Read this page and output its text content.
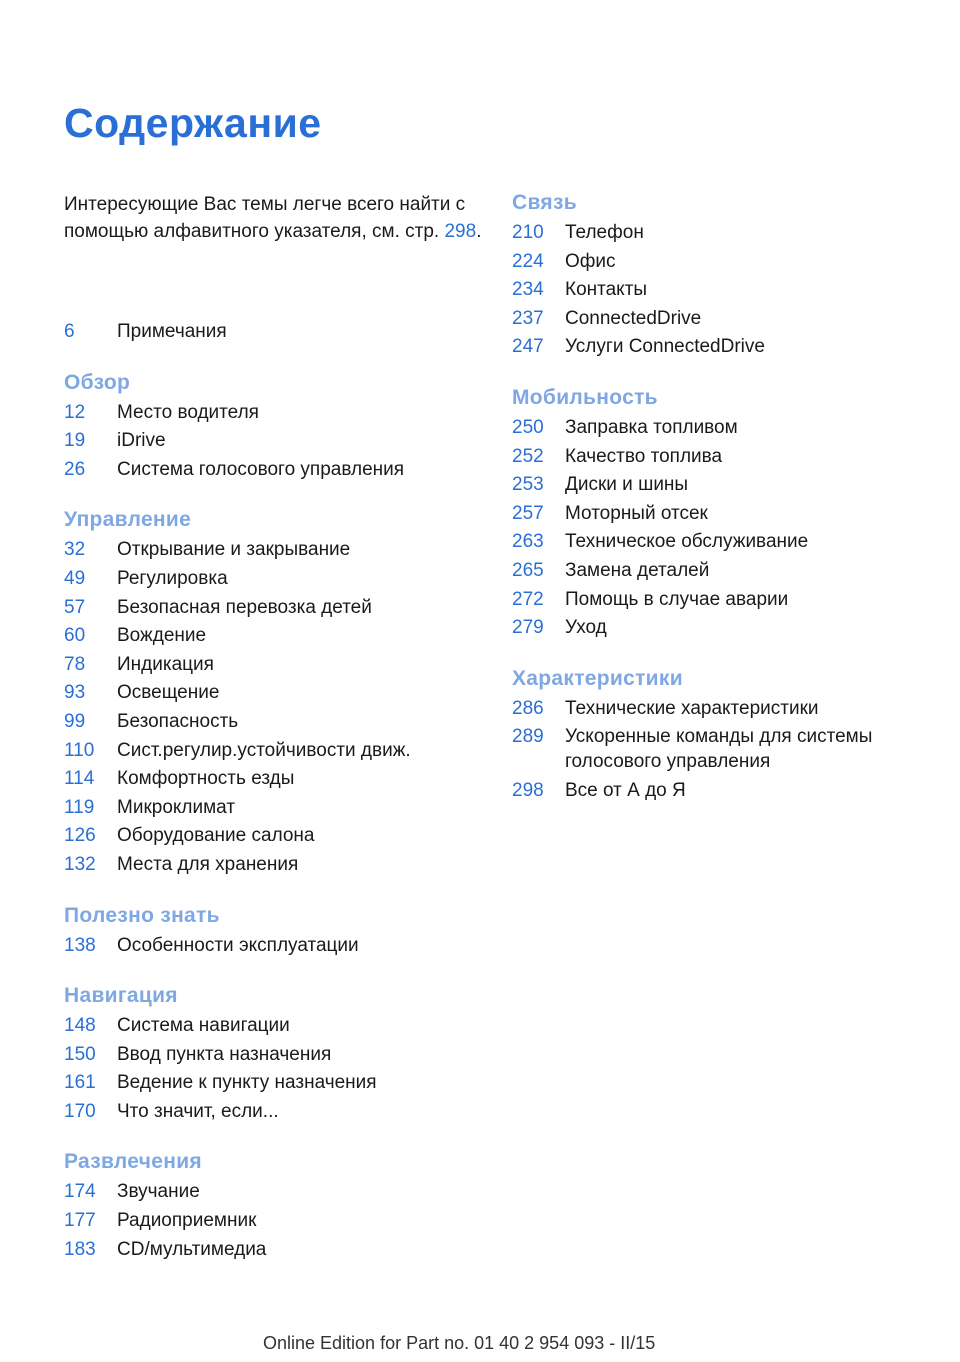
Содержание
Интересующие Вас темы легче всего найти с помощью алфавитного указателя, см. стр. 298.
6	Примечания
Обзор
12	Место водителя
19	iDrive
26	Система голосового управления
Управление
32	Открывание и закрывание
49	Регулировка
57	Безопасная перевозка детей
60	Вождение
78	Индикация
93	Освещение
99	Безопасность
110	Сист.регулир.устойчивости движ.
114	Комфортность езды
119	Микроклимат
126	Оборудование салона
132	Места для хранения
Полезно знать
138	Особенности эксплуатации
Навигация
148	Система навигации
150	Ввод пункта назначения
161	Ведение к пункту назначения
170	Что значит, если...
Развлечения
174	Звучание
177	Радиоприемник
183	CD/мультимедиа
Связь
210	Телефон
224	Офис
234	Контакты
237	ConnectedDrive
247	Услуги ConnectedDrive
Мобильность
250	Заправка топливом
252	Качество топлива
253	Диски и шины
257	Моторный отсек
263	Техническое обслуживание
265	Замена деталей
272	Помощь в случае аварии
279	Уход
Характеристики
286	Технические характеристики
289	Ускоренные команды для системы голосового управления
298	Все от А до Я
Online Edition for Part no. 01 40 2 954 093 - II/15
